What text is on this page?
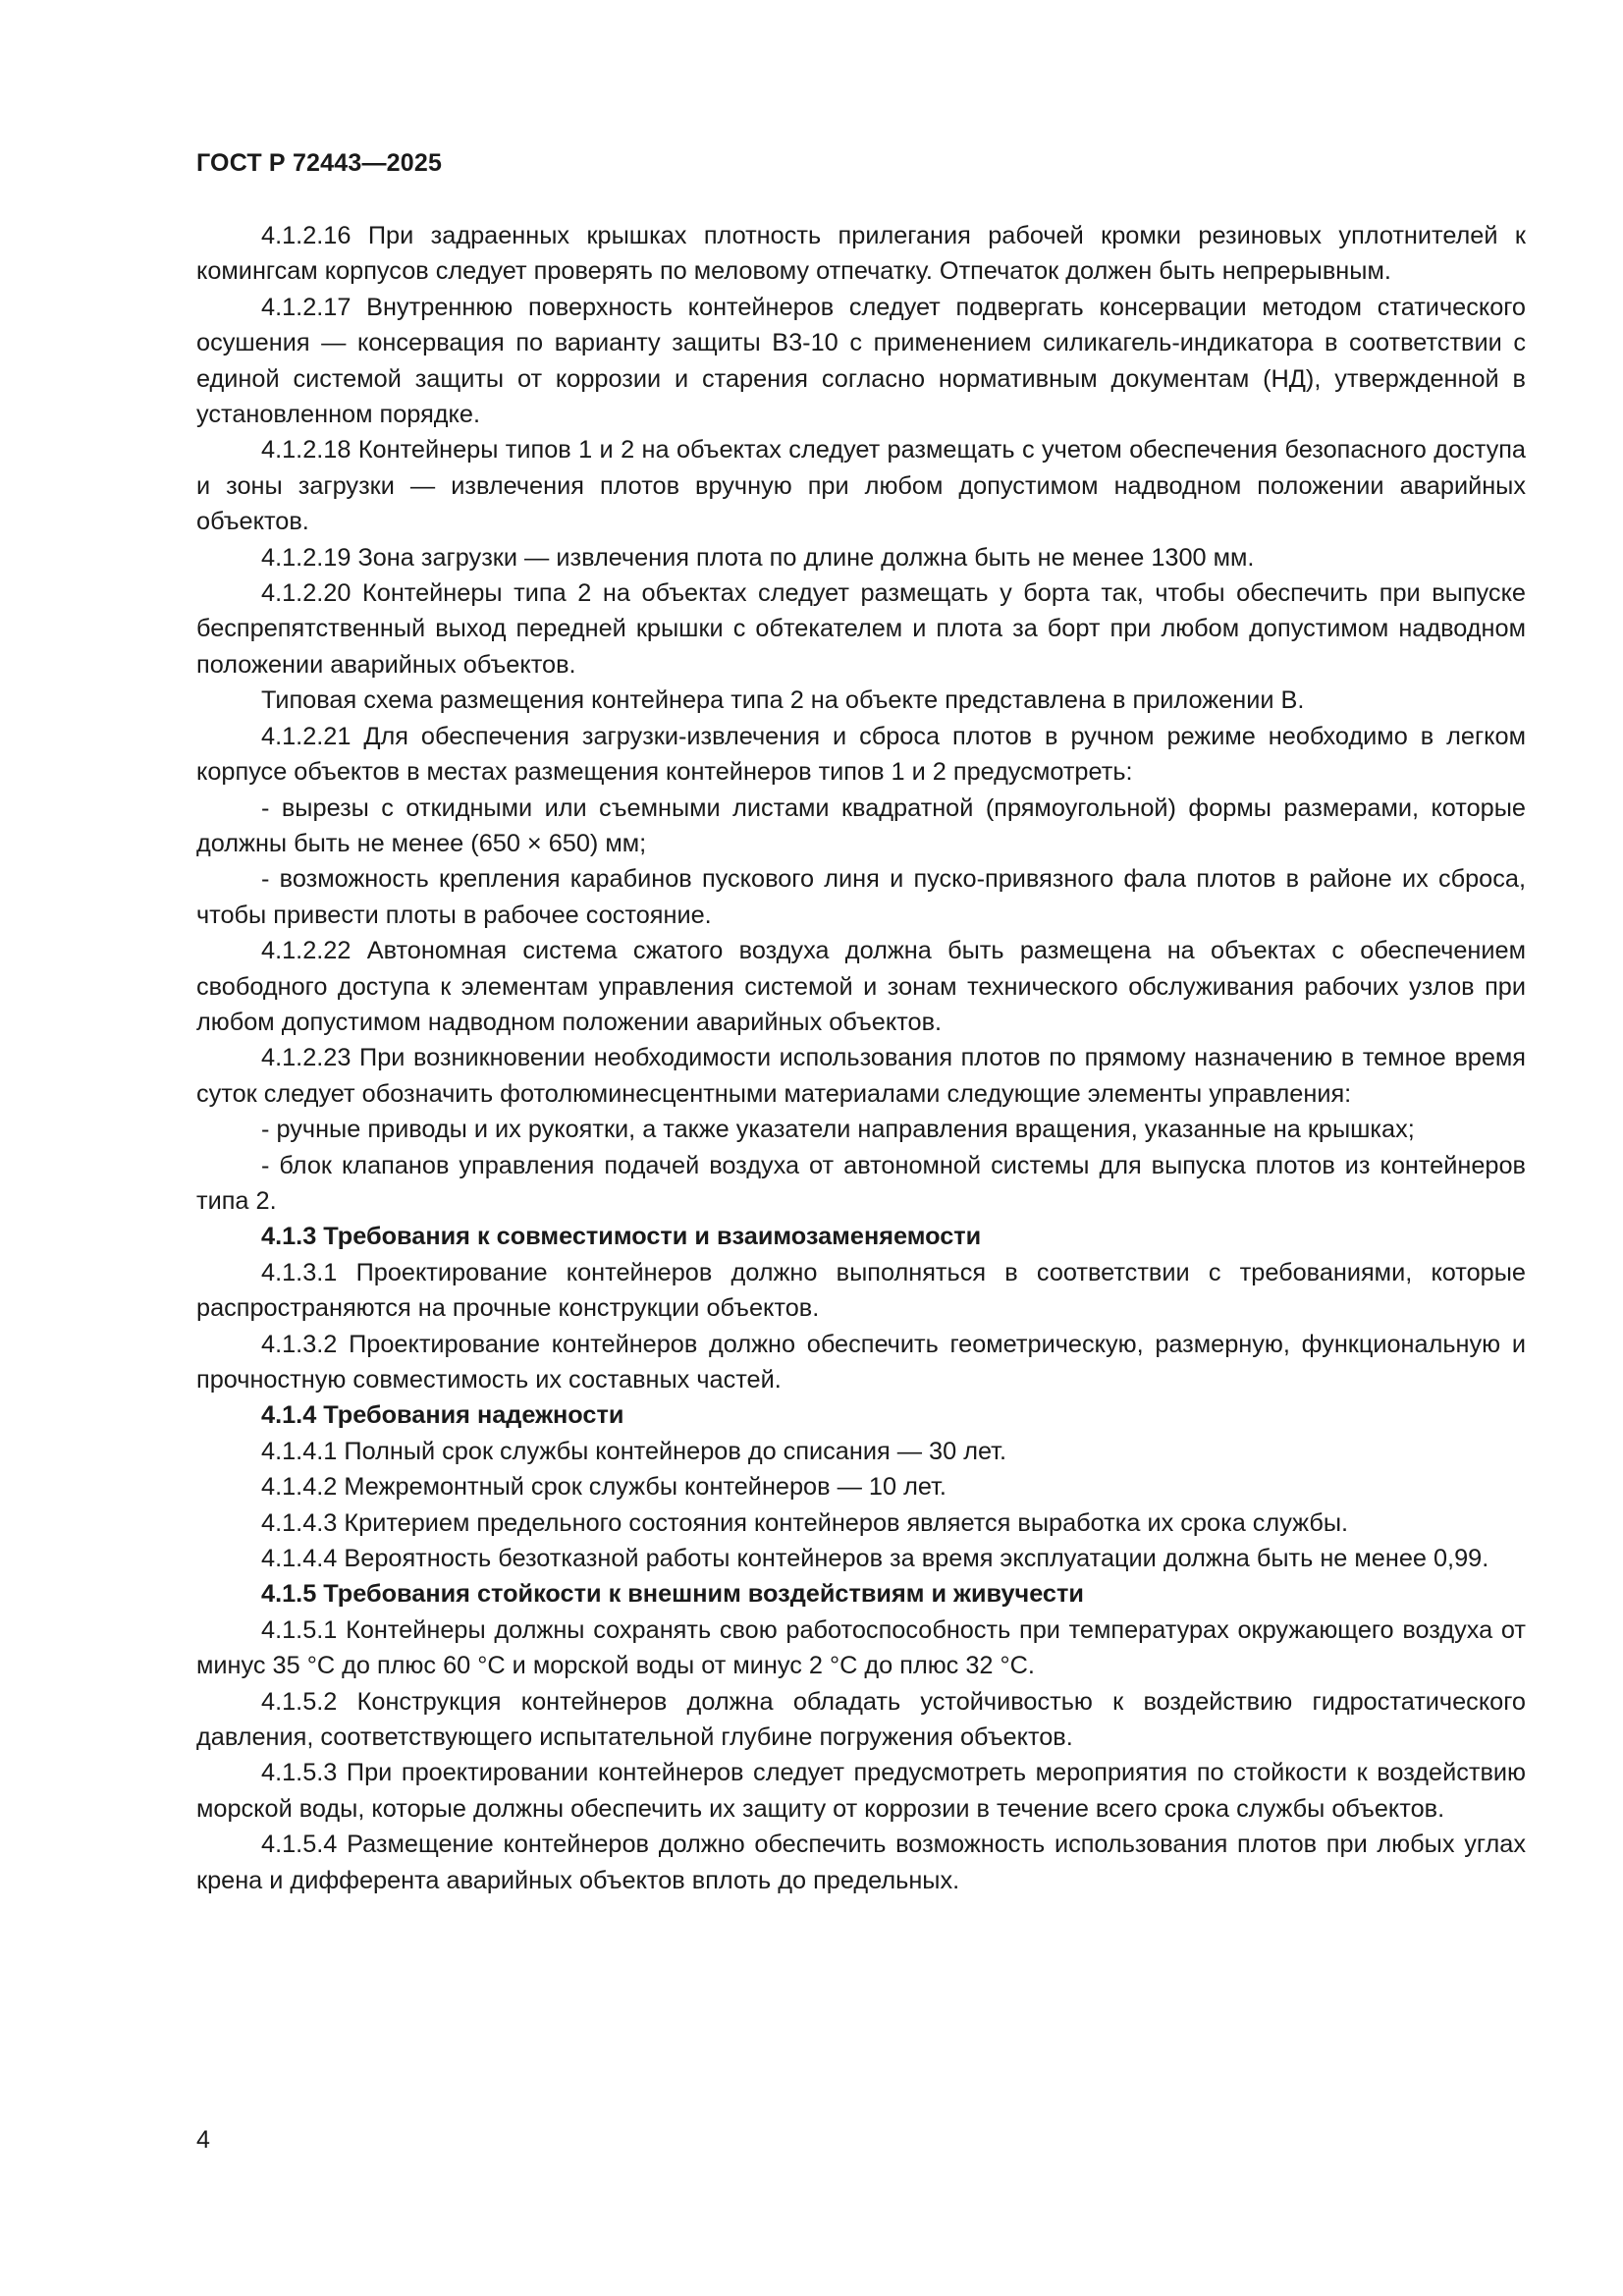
ГОСТ Р 72443—2025

4.1.2.16 При задраенных крышках плотность прилегания рабочей кромки резиновых уплотнителей к комингсам корпусов следует проверять по меловому отпечатку. Отпечаток должен быть непрерывным.

4.1.2.17 Внутреннюю поверхность контейнеров следует подвергать консервации методом статического осушения — консервация по варианту защиты В3-10 с применением силикагель-индикатора в соответствии с единой системой защиты от коррозии и старения согласно нормативным документам (НД), утвержденной в установленном порядке.

4.1.2.18 Контейнеры типов 1 и 2 на объектах следует размещать с учетом обеспечения безопасного доступа и зоны загрузки — извлечения плотов вручную при любом допустимом надводном положении аварийных объектов.

4.1.2.19 Зона загрузки — извлечения плота по длине должна быть не менее 1300 мм.

4.1.2.20 Контейнеры типа 2 на объектах следует размещать у борта так, чтобы обеспечить при выпуске беспрепятственный выход передней крышки с обтекателем и плота за борт при любом допустимом надводном положении аварийных объектов.

Типовая схема размещения контейнера типа 2 на объекте представлена в приложении В.

4.1.2.21 Для обеспечения загрузки-извлечения и сброса плотов в ручном режиме необходимо в легком корпусе объектов в местах размещения контейнеров типов 1 и 2 предусмотреть:

- вырезы с откидными или съемными листами квадратной (прямоугольной) формы размерами, которые должны быть не менее (650 × 650) мм;

- возможность крепления карабинов пускового линя и пуско-привязного фала плотов в районе их сброса, чтобы привести плоты в рабочее состояние.

4.1.2.22 Автономная система сжатого воздуха должна быть размещена на объектах с обеспечением свободного доступа к элементам управления системой и зонам технического обслуживания рабочих узлов при любом допустимом надводном положении аварийных объектов.

4.1.2.23 При возникновении необходимости использования плотов по прямому назначению в темное время суток следует обозначить фотолюминесцентными материалами следующие элементы управления:

- ручные приводы и их рукоятки, а также указатели направления вращения, указанные на крышках;

- блок клапанов управления подачей воздуха от автономной системы для выпуска плотов из контейнеров типа 2.

4.1.3 Требования к совместимости и взаимозаменяемости

4.1.3.1 Проектирование контейнеров должно выполняться в соответствии с требованиями, которые распространяются на прочные конструкции объектов.

4.1.3.2 Проектирование контейнеров должно обеспечить геометрическую, размерную, функциональную и прочностную совместимость их составных частей.

4.1.4 Требования надежности

4.1.4.1 Полный срок службы контейнеров до списания — 30 лет.

4.1.4.2 Межремонтный срок службы контейнеров — 10 лет.

4.1.4.3 Критерием предельного состояния контейнеров является выработка их срока службы.

4.1.4.4 Вероятность безотказной работы контейнеров за время эксплуатации должна быть не менее 0,99.

4.1.5 Требования стойкости к внешним воздействиям и живучести

4.1.5.1 Контейнеры должны сохранять свою работоспособность при температурах окружающего воздуха от минус 35 °С до плюс 60 °С и морской воды от минус 2 °С до плюс 32 °С.

4.1.5.2 Конструкция контейнеров должна обладать устойчивостью к воздействию гидростатического давления, соответствующего испытательной глубине погружения объектов.

4.1.5.3 При проектировании контейнеров следует предусмотреть мероприятия по стойкости к воздействию морской воды, которые должны обеспечить их защиту от коррозии в течение всего срока службы объектов.

4.1.5.4 Размещение контейнеров должно обеспечить возможность использования плотов при любых углах крена и дифферента аварийных объектов вплоть до предельных.

4
